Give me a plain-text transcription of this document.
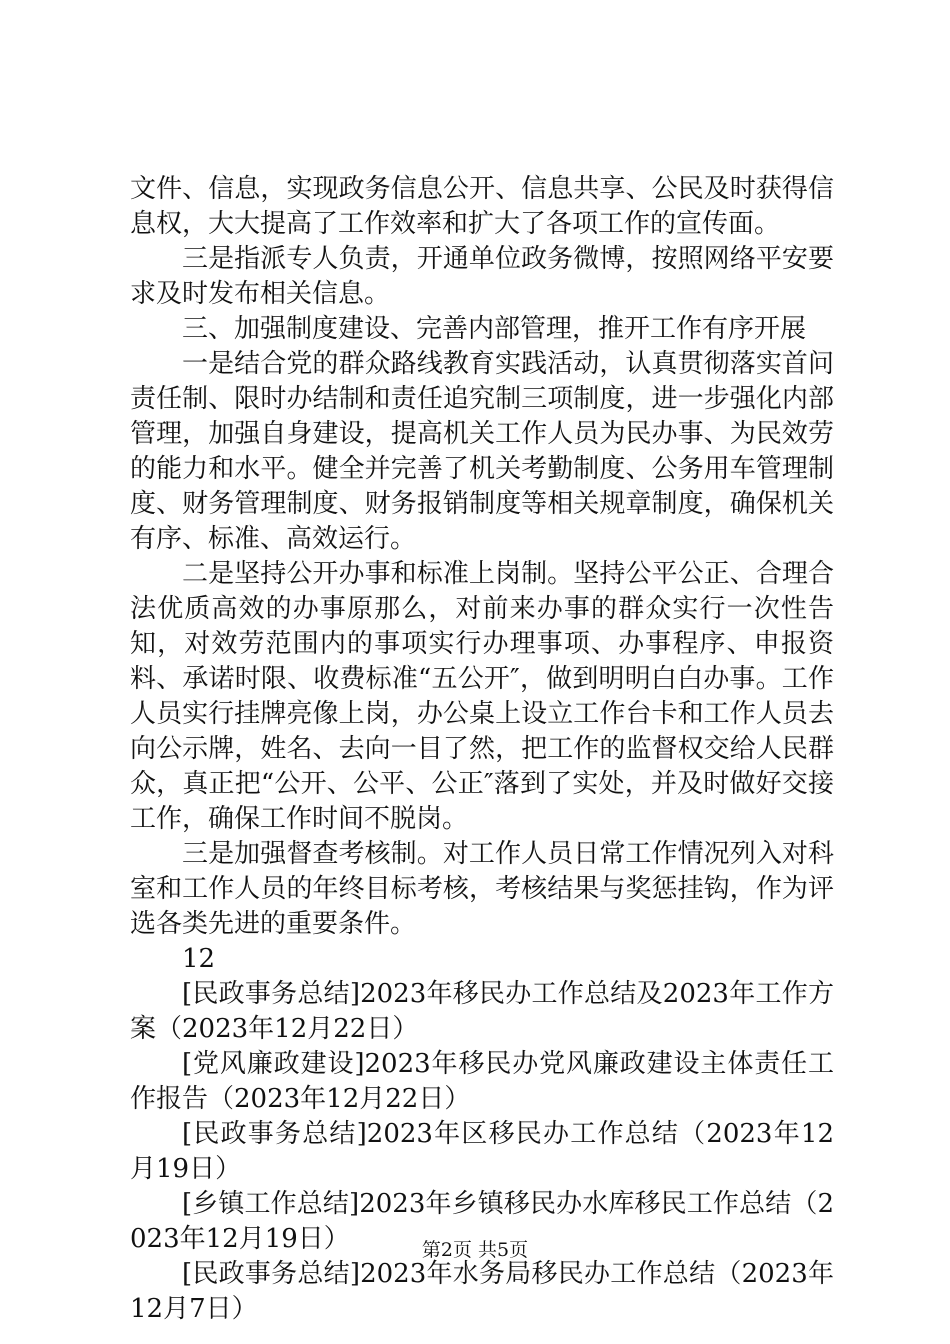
文件、信息，实现政务信息公开、信息共享、公民及时获得信息权，大大提高了工作效率和扩大了各项工作的宣传面。

三是指派专人负责，开通单位政务微博，按照网络平安要求及时发布相关信息。

三、加强制度建设、完善内部管理，推开工作有序开展

一是结合党的群众路线教育实践活动，认真贯彻落实首问责任制、限时办结制和责任追究制三项制度，进一步强化内部管理，加强自身建设，提高机关工作人员为民办事、为民效劳的能力和水平。健全并完善了机关考勤制度、公务用车管理制度、财务管理制度、财务报销制度等相关规章制度，确保机关有序、标准、高效运行。

二是坚持公开办事和标准上岗制。坚持公平公正、合理合法优质高效的办事原那么，对前来办事的群众实行一次性告知，对效劳范围内的事项实行办理事项、办事程序、申报资料、承诺时限、收费标准“五公开″，做到明明白白办事。工作人员实行挂牌亮像上岗，办公桌上设立工作台卡和工作人员去向公示牌，姓名、去向一目了然，把工作的监督权交给人民群众，真正把“公开、公平、公正″落到了实处，并及时做好交接工作，确保工作时间不脱岗。

三是加强督查考核制。对工作人员日常工作情况列入对科室和工作人员的年终目标考核，考核结果与奖惩挂钩，作为评选各类先进的重要条件。

12

[民政事务总结]2023年移民办工作总结及2023年工作方案（2023年12月22日）

[党风廉政建设]2023年移民办党风廉政建设主体责任工作报告（2023年12月22日）

[民政事务总结]2023年区移民办工作总结（2023年12月19日）

[乡镇工作总结]2023年乡镇移民办水库移民工作总结（2023年12月19日）

[民政事务总结]2023年水务局移民办工作总结（2023年12月7日）

第2页 共5页
